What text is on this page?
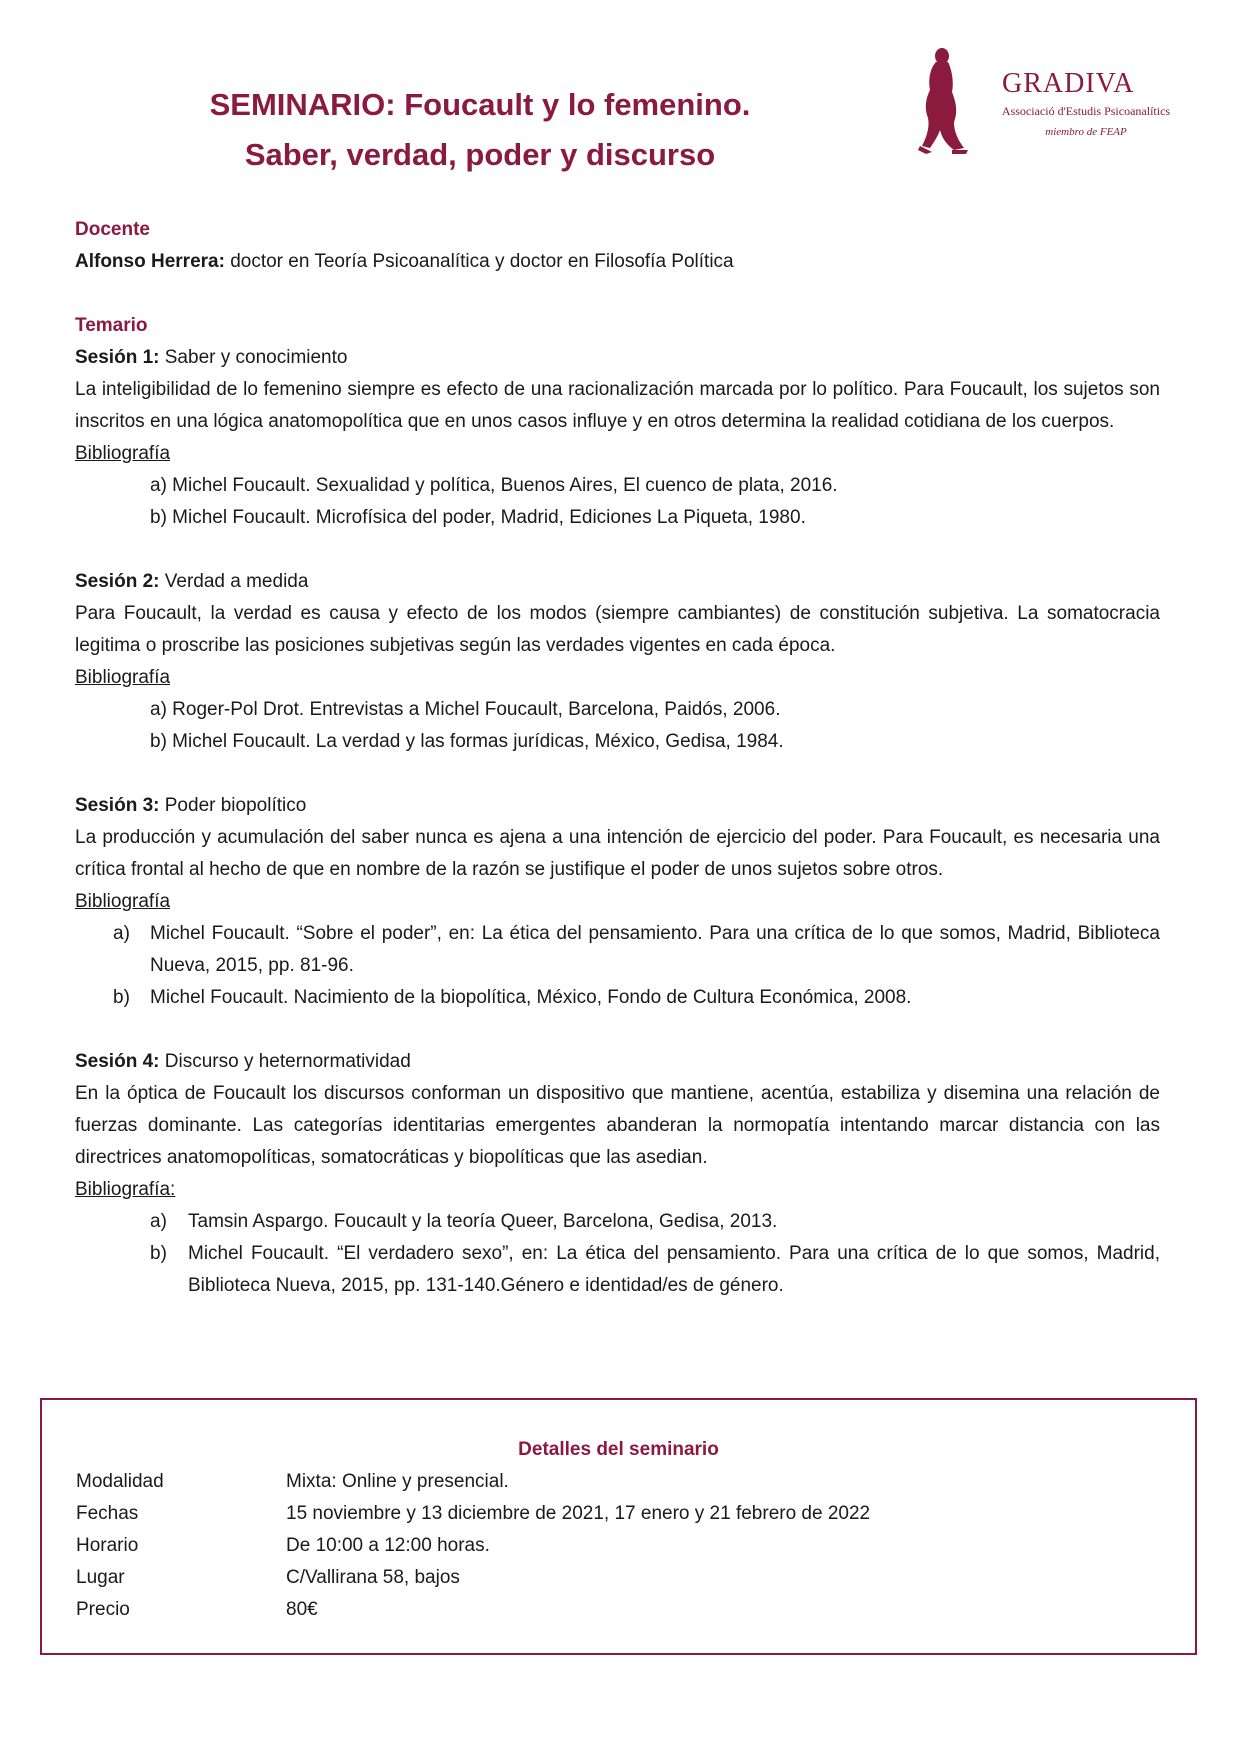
SEMINARIO: Foucault y lo femenino.
Saber, verdad, poder y discurso
GRADIVA
Associació d'Estudis Psicoanalítics
miembro de FEAP
Docente
Alfonso Herrera: doctor en Teoría Psicoanalítica y doctor en Filosofía Política
Temario
Sesión 1: Saber y conocimiento
La inteligibilidad de lo femenino siempre es efecto de una racionalización marcada por lo político. Para Foucault, los sujetos son inscritos en una lógica anatomopolítica que en unos casos influye y en otros determina la realidad cotidiana de los cuerpos.
Bibliografía
a) Michel Foucault. Sexualidad y política, Buenos Aires, El cuenco de plata, 2016.
b) Michel Foucault. Microfísica del poder, Madrid, Ediciones La Piqueta, 1980.
Sesión 2: Verdad a medida
Para Foucault, la verdad es causa y efecto de los modos (siempre cambiantes) de constitución subjetiva. La somatocracia legitima o proscribe las posiciones subjetivas según las verdades vigentes en cada época.
Bibliografía
a) Roger-Pol Drot. Entrevistas a Michel Foucault, Barcelona, Paidós, 2006.
b) Michel Foucault. La verdad y las formas jurídicas, México, Gedisa, 1984.
Sesión 3: Poder biopolítico
La producción y acumulación del saber nunca es ajena a una intención de ejercicio del poder. Para Foucault, es necesaria una crítica frontal al hecho de que en nombre de la razón se justifique el poder de unos sujetos sobre otros.
Bibliografía
a)	Michel Foucault. “Sobre el poder”, en: La ética del pensamiento. Para una crítica de lo que somos, Madrid, Biblioteca Nueva, 2015, pp. 81-96.
b)	Michel Foucault. Nacimiento de la biopolítica, México, Fondo de Cultura Económica, 2008.
Sesión 4: Discurso y heternormatividad
En la óptica de Foucault los discursos conforman un dispositivo que mantiene, acentúa, estabiliza y disemina una relación de fuerzas dominante. Las categorías identitarias emergentes abanderan la normopatía intentando marcar distancia con las directrices anatomopolíticas, somatocráticas y biopolíticas que las asedian.
Bibliografía:
a)	Tamsin Aspargo. Foucault y la teoría Queer, Barcelona, Gedisa, 2013.
b)	Michel Foucault. “El verdadero sexo”, en: La ética del pensamiento. Para una crítica de lo que somos, Madrid, Biblioteca Nueva, 2015, pp. 131-140.Género e identidad/es de género.
Detalles del seminario
Modalidad	Mixta: Online y presencial.
Fechas	15 noviembre y 13 diciembre de 2021, 17 enero y 21 febrero de 2022
Horario	De 10:00 a 12:00 horas.
Lugar	C/Vallirana 58, bajos
Precio	80€
